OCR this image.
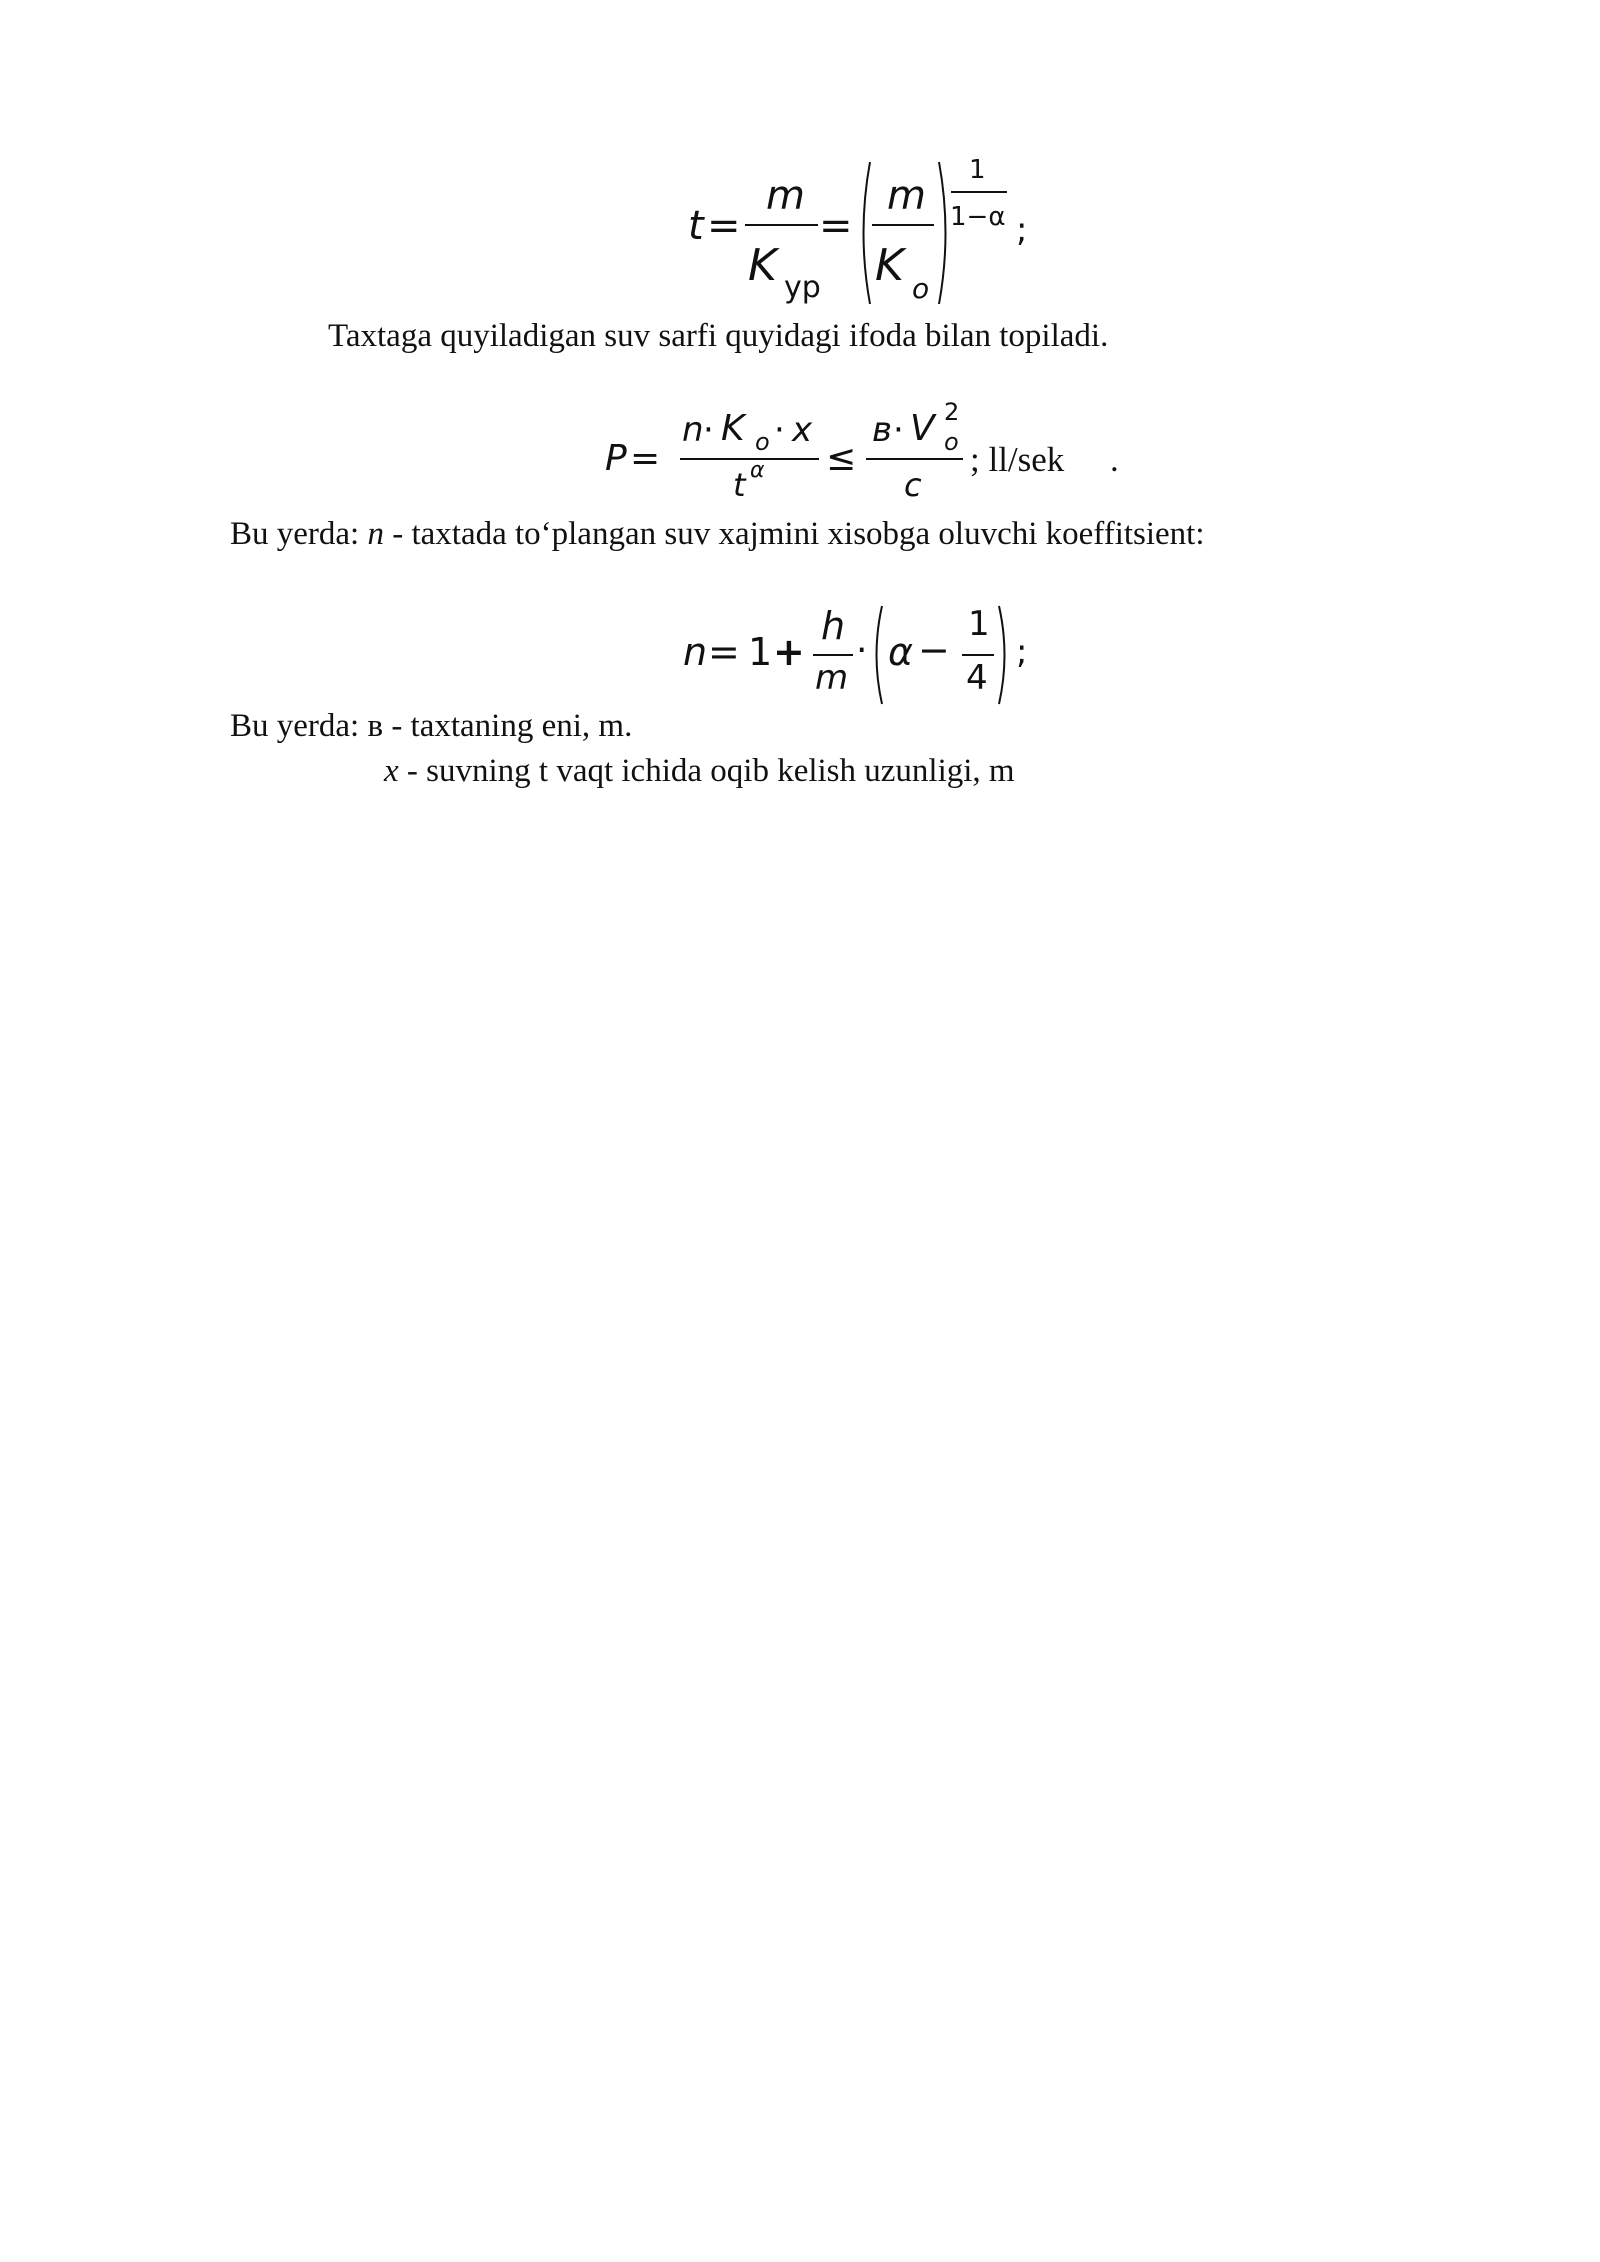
t =
m
K ур
=
m
K o
1
1−α ;
Taxtaga quyiladigan suv sarfi quyidagi ifoda bilan topiladi.
P =
n · K o · x
t α ≤
в · V 2
o
c
; ll/sek .
Bu yerda: n - taxtada toʻplangan suv xajmini xisobga oluvchi koeffitsient:
n = 1 +
h
m
· α −
1
4
;
Bu yerda: в - taxtaning eni, m.
x - suvning t vaqt ichida oqib kelish uzunligi, m
